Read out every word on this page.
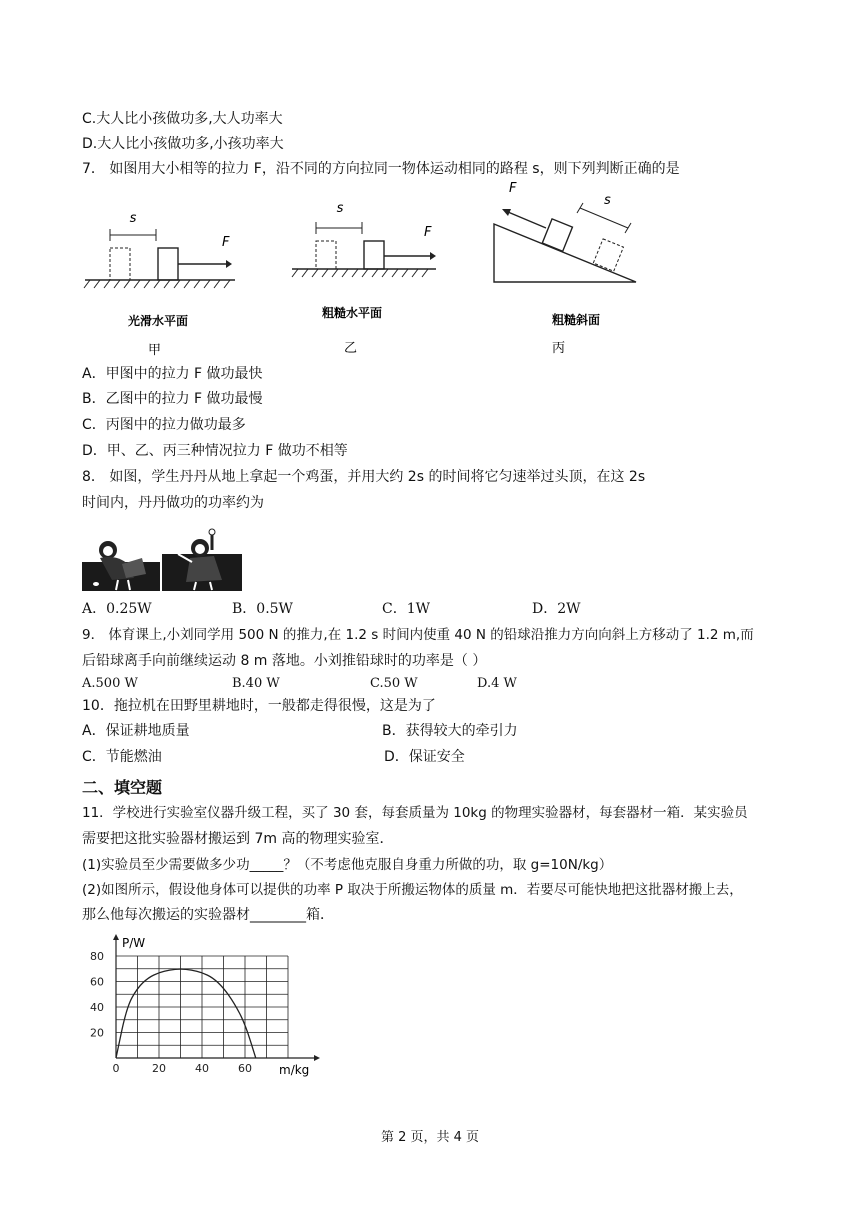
C.大人比小孩做功多,大人功率大
D.大人比小孩做功多,小孩功率大
7． 如图用大小相等的拉力 F，沿不同的方向拉同一物体运动相同的路程 s，则下列判断正确的是
s
F
光滑水平面
甲
s
F
粗糙水平面
乙
F
s
粗糙斜面
丙
A．甲图中的拉力 F 做功最快
B．乙图中的拉力 F 做功最慢
C．丙图中的拉力做功最多
D．甲、乙、丙三种情况拉力 F 做功不相等
8． 如图，学生丹丹从地上拿起一个鸡蛋，并用大约 2s 的时间将它匀速举过头顶，在这 2s
时间内，丹丹做功的功率约为
A．0.25W	B．0.5W	C．1W	D．2W
9． 体育课上,小刘同学用 500 N 的推力,在 1.2 s 时间内使重 40 N 的铅球沿推力方向向斜上方移动了 1.2 m,而
后铅球离手向前继续运动 8 m 落地。小刘推铅球时的功率是（ ）
A.500 W	B.40 W	C.50 W	D.4 W
10．拖拉机在田野里耕地时，一般都走得很慢，这是为了
A．保证耕地质量	B．获得较大的牵引力
C．节能燃油	D．保证安全
二、填空题
11．学校进行实验室仪器升级工程，买了 30 套，每套质量为 10kg 的物理实验器材，每套器材一箱．某实验员
需要把这批实验器材搬运到 7m 高的物理实验室．
(1)实验员至少需要做多少功_____？（不考虑他克服自身重力所做的功，取 g=10N/kg）
(2)如图所示，假设他身体可以提供的功率 P 取决于所搬运物体的质量 m．若要尽可能快地把这批器材搬上去，
那么他每次搬运的实验器材________箱．
0	20	40	60
20
40
60
80
P/W
m/kg
第 2 页，共 4 页
